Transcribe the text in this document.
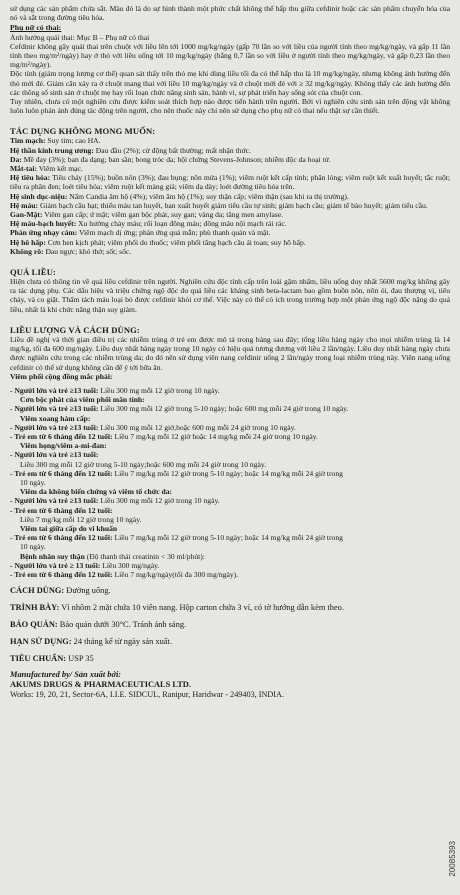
sử dụng các sản phẩm chứa sắt. Màu đỏ là do sự hình thành một phức chất không thể hấp thu giữa cefdinir hoặc các sản phẩm chuyển hóa của nó và sắt trong đường tiêu hóa.

Phụ nữ có thai:

Ảnh hưởng quái thai: Mục B – Phụ nữ có thai

Cefdinir không gây quái thai trên chuột với liều lên tới 1000 mg/kg/ngày (gấp 70 lần so với liều của người tính theo mg/kg/ngày, và gấp 11 lần tính theo mg/m²/ngày) hay ở thỏ với liều uống tới 10 mg/kg/ngày (bằng 0,7 lần so với liều ở người tính theo mg/kg/ngày, và gấp 0,23 lần theo mg/m²/ngày).

Độc tính (giảm trọng lượng cơ thể) quan sát thấy trên thỏ mẹ khi dùng liều tối đa có thể hấp thu là 10 mg/kg/ngày, nhưng không ảnh hưởng đến thỏ mới đẻ. Giảm cân xảy ra ở chuột mang thai với liều 10 mg/kg/ngày và ở chuột mới đẻ với ≥ 32 mg/kg/ngày. Không thấy các ảnh hưởng đến các thông số sinh sản ở chuột mẹ hay rối loạn chức năng sinh sản, hành vi, sự phát triển hay sống sót của chuột con.

Tuy nhiên, chưa có một nghiên cứu được kiểm soát thích hợp nào được tiến hành trên người. Bởi vì nghiên cứu sinh sản trên động vật không luôn luôn phản ánh đúng tác động trên người, cho nên thuốc này chỉ nên sử dụng cho phụ nữ có thai nếu thật sự cần thiết.

TÁC DỤNG KHÔNG MONG MUỐN:

Tim mạch: Suy tim; cao HA.

Hệ thần kinh trung ương: Đau đầu (2%); cử động bất thường; mất nhận thức.

Da: Mề đay (3%); ban đa dạng; ban sần; bong tróc da; hội chứng Stevens-Johnson; nhiễm độc da hoại tử.

Mắt-tai: Viêm kết mạc.

Hệ tiêu hóa: Tiêu chảy (15%); buồn nôn (3%); đau bụng; nôn mửa (1%); viêm ruột kết cấp tính; phân lỏng; viêm ruột kết xuất huyết; tắc ruột; tiêu ra phân đen; loét tiêu hóa; viêm ruột kết màng giả; viêm dạ dày; loét đường tiêu hóa trên.

Hệ sinh dục-niệu: Nấm Candia âm hộ (4%); viêm âm hộ (1%); suy thận cấp; viêm thận (sau khi ra thị trường).

Hệ máu: Giảm bạch cầu hạt; thiếu máu tan huyết, ban xuất huyết giảm tiểu cầu tự sinh; giảm bạch cầu; giảm tế bào huyết; giảm tiểu cầu.

Gan-Mật: Viêm gan cấp; ứ mật; viêm gan bộc phát, suy gan; vàng da; tăng men amylase.

Hệ máu-bạch huyết: Xu hướng chảy máu; rối loạn đông máu; đông máu nội mạch rải rác.

Phản ứng nhạy cảm: Viêm mạch dị ứng; phản ứng quá mẫn; phù thanh quản và mặt.

Hệ hô hấp: Cơn hen kịch phát; viêm phổi do thuốc; viêm phổi tăng bạch cầu ái toan; suy hô hấp.

Không rõ: Đau ngực; khó thở; sốt; sốc.

QUÁ LIỀU:

Hiện chưa có thông tin về quá liều cefdinir trên người. Nghiên cứu độc tính cấp trên loài gặm nhấm, liều uống duy nhất 5600 mg/kg không gây ra tác dụng phụ. Các dấu hiệu và triệu chứng ngộ độc do quá liều các kháng sinh beta-lactam bao gồm buồn nôn, nôn ói, đau thượng vị, tiêu chảy, và co giật. Thẩm tách máu loại bỏ được cefdinir khỏi cơ thể. Việc này có thể có ích trong trường hợp một phản ứng ngộ độc nặng do quá liều, nhất là khi chức năng thận suy giảm.

LIỀU LƯỢNG VÀ CÁCH DÙNG:

Liều đề nghị và thời gian điều trị các nhiễm trùng ở trẻ em được mô tả trong bảng sau đây; tổng liều hàng ngày cho mọi nhiễm trùng là 14 mg/kg, tối đa 600 mg/ngày. Liều duy nhất hàng ngày trong 10 ngày có hiệu quả tương đương với liều 2 lần/ngày. Liều duy nhất hàng ngày chưa được nghiên cứu trong các nhiễm trùng da; do đó nên sử dụng viên nang cefdinir uống 2 lần/ngày trong loại nhiễm trùng này. Viên nang uống cefdinir có thể sử dụng không cần để ý tới bữa ăn.

Viêm phổi cộng đồng mắc phải:

- Người lớn và trẻ ≥13 tuổi: Liều 300 mg mỗi 12 giờ trong 10 ngày.

Cơn bộc phát của viêm phổi mãn tính:

- Người lớn và trẻ ≥13 tuổi: Liều 300 mg mỗi 12 giờ trong 5-10 ngày; hoặc 600 mg mỗi 24 giờ trong 10 ngày.

Viêm xoang hàm cấp:

- Người lớn và trẻ ≥13 tuổi: Liều 300 mg mỗi 12 giờ,hoặc 600 mg mỗi 24 giờ trong 10 ngày.

- Trẻ em từ 6 tháng đến 12 tuổi: Liều 7 mg/kg mỗi 12 giờ hoặc 14 mg/kg mỗi 24 giờ trong 10 ngày.

Viêm họng/viêm a-mi-đan:

- Người lớn và trẻ ≥13 tuổi:

Liều 300 mg mỗi 12 giờ trong 5-10 ngày;hoặc 600 mg mỗi 24 giờ trong 10 ngày.

- Trẻ em từ 6 tháng đến 12 tuổi: Liều 7 mg/kg mỗi 12 giờ trong 5-10 ngày; hoặc 14 mg/kg mỗi 24 giờ trong

10 ngày.

Viêm da không biến chứng và viêm tổ chức da:

- Người lớn và trẻ ≥13 tuổi: Liều 300 mg mỗi 12 giờ trong 10 ngày.

- Trẻ em từ 6 tháng đến 12 tuổi:

Liều 7 mg/kg mỗi 12 giờ trong 10 ngày.

Viêm tai giữa cấp do vi khuẩn

- Trẻ em từ 6 tháng đến 12 tuổi: Liều 7 mg/kg mỗi 12 giờ trong 5-10 ngày; hoặc 14 mg/kg mỗi 24 giờ trong

10 ngày.

Bệnh nhân suy thận (Độ thanh thải creatinin < 30 ml/phút):

- Người lớn và trẻ ≥ 13 tuổi: Liều 300 mg/ngày.

- Trẻ em từ 6 tháng đến 12 tuổi: Liều 7 mg/kg/ngày(tối đa 300 mg/ngày).

CÁCH DÙNG: Đường uống.

TRÌNH BÀY: Vỉ nhôm 2 mặt chứa 10 viên nang. Hộp carton chứa 3 vỉ, có tờ hướng dẫn kèm theo.

BẢO QUẢN: Bảo quản dưới 30°C. Tránh ánh sáng.

HẠN SỬ DỤNG: 24 tháng kể từ ngày sản xuất.

TIÊU CHUẨN: USP 35

Manufactured by/ Sản xuất bởi:

AKUMS DRUGS & PHARMACEUTICALS LTD.

Works: 19, 20, 21, Sector-6A, I.I.E. SIDCUL, Ranipur, Haridwar - 249403, INDIA.

20085393
